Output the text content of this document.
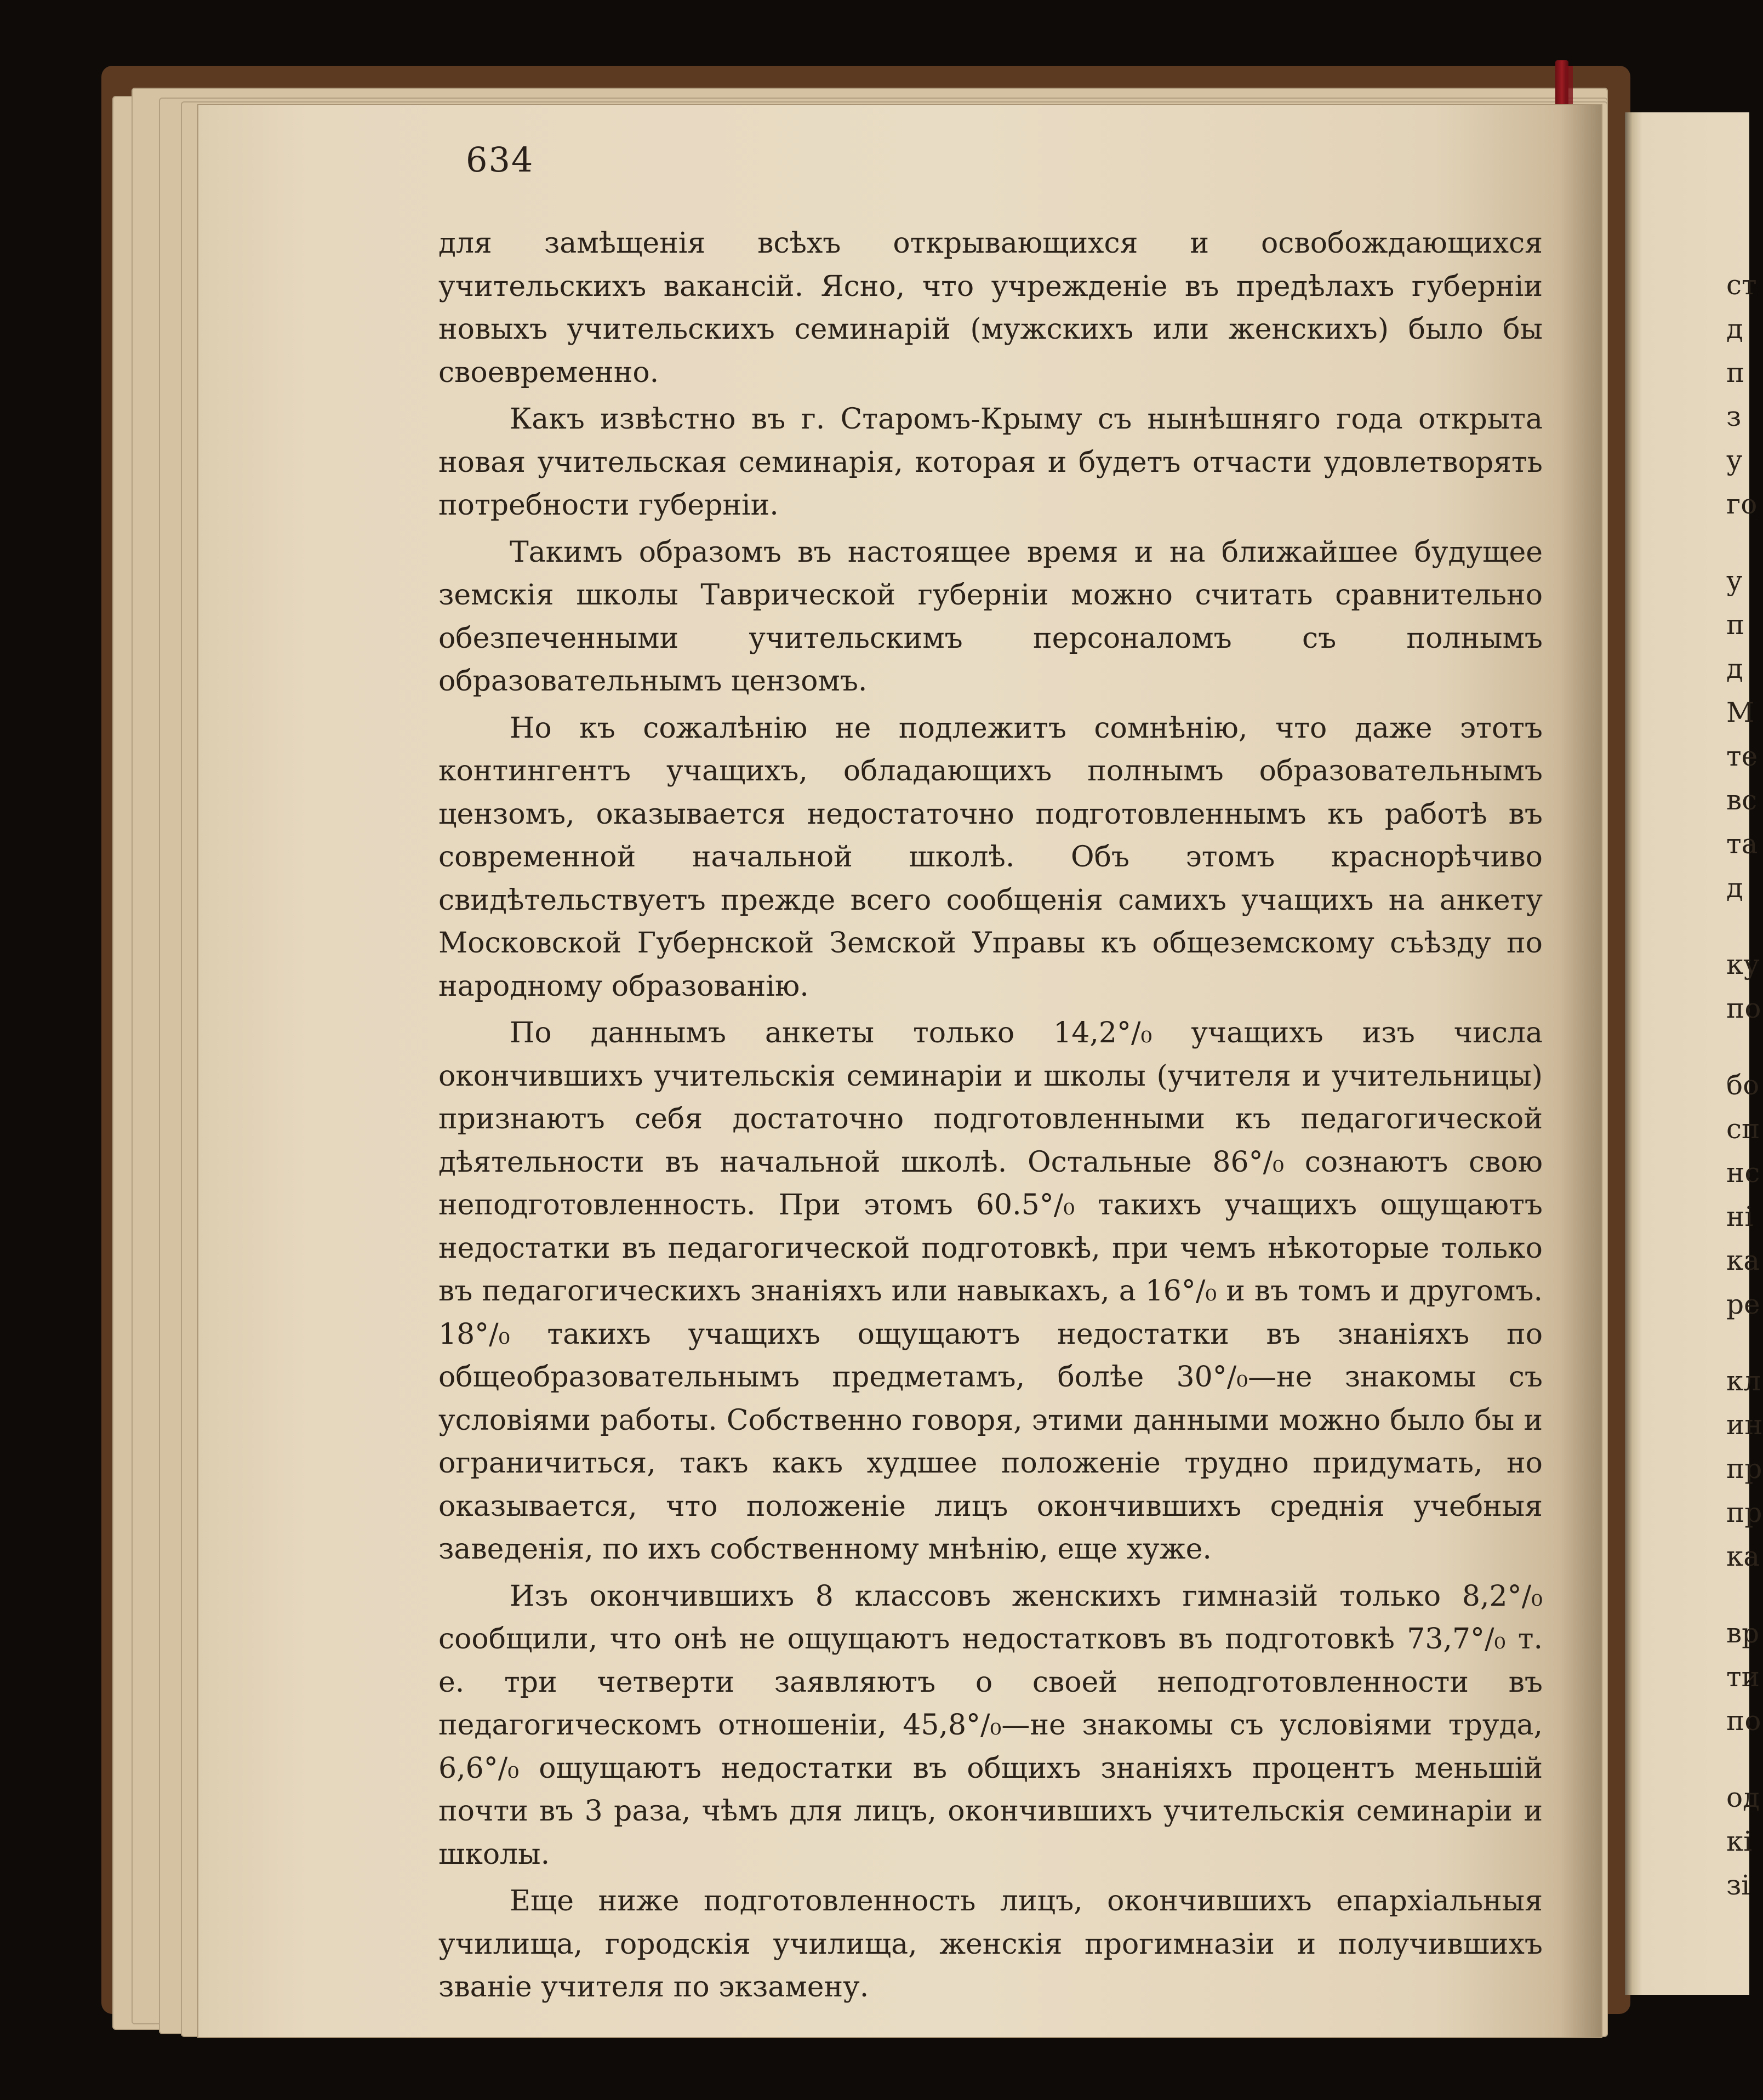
634

для замѣщенія всѣхъ открывающихся и освобождающихся учительскихъ вакансій. Ясно, что учрежденіе въ предѣлахъ губерніи новыхъ учительскихъ семинарій (мужскихъ или женскихъ) было бы своевременно.

Какъ извѣстно въ г. Старомъ-Крыму съ нынѣшняго года открыта новая учительская семинарія, которая и будетъ отчасти удовлетворять потребности губерніи.

Такимъ образомъ въ настоящее время и на ближайшее будущее земскія школы Таврической губерніи можно считать сравнительно обезпеченными учительскимъ персоналомъ съ полнымъ образовательнымъ цензомъ.

Но къ сожалѣнію не подлежитъ сомнѣнію, что даже этотъ контингентъ учащихъ, обладающихъ полнымъ образовательнымъ цензомъ, оказывается недостаточно подготовленнымъ къ работѣ въ современной начальной школѣ. Объ этомъ краснорѣчиво свидѣтельствуетъ прежде всего сообщенія самихъ учащихъ на анкету Московской Губернской Земской Управы къ общеземскому съѣзду по народному образованію.

По даннымъ анкеты только 14,2°/₀ учащихъ изъ числа окончившихъ учительскія семинаріи и школы (учителя и учительницы) признаютъ себя достаточно подготовленными къ педагогической дѣятельности въ начальной школѣ. Остальные 86°/₀ сознаютъ свою неподготовленность. При этомъ 60.5°/₀ такихъ учащихъ ощущаютъ недостатки въ педагогической подготовкѣ, при чемъ нѣкоторые только въ педагогическихъ знаніяхъ или навыкахъ, а 16°/₀ и въ томъ и другомъ. 18°/₀ такихъ учащихъ ощущаютъ недостатки въ знаніяхъ по общеобразовательнымъ предметамъ, болѣе 30°/₀—не знакомы съ условіями работы. Собственно говоря, этими данными можно было бы и ограничиться, такъ какъ худшее положеніе трудно придумать, но оказывается, что положеніе лицъ окончившихъ среднія учебныя заведенія, по ихъ собственному мнѣнію, еще хуже.

Изъ окончившихъ 8 классовъ женскихъ гимназій только 8,2°/₀ сообщили, что онѣ не ощущаютъ недостатковъ въ подготовкѣ 73,7°/₀ т. е. три четверти заявляютъ о своей неподготовленности въ педагогическомъ отношеніи, 45,8°/₀—не знакомы съ условіями труда, 6,6°/₀ ощущаютъ недостатки въ общихъ знаніяхъ процентъ меньшій почти въ 3 раза, чѣмъ для лицъ, окончившихъ учительскія семинаріи и школы.

Еще ниже подготовленность лицъ, окончившихъ епархіальныя училища, городскія училища, женскія прогимназіи и получившихъ званіе учителя по экзамену.

ст
д
п
з
у
го
у
п
д
М
те
вс
та
д
ку
по
бо
сп
нс
ні
ка
ре
кл
ин
пр
пр
ка
вр
ти
по
од
кі
зі
